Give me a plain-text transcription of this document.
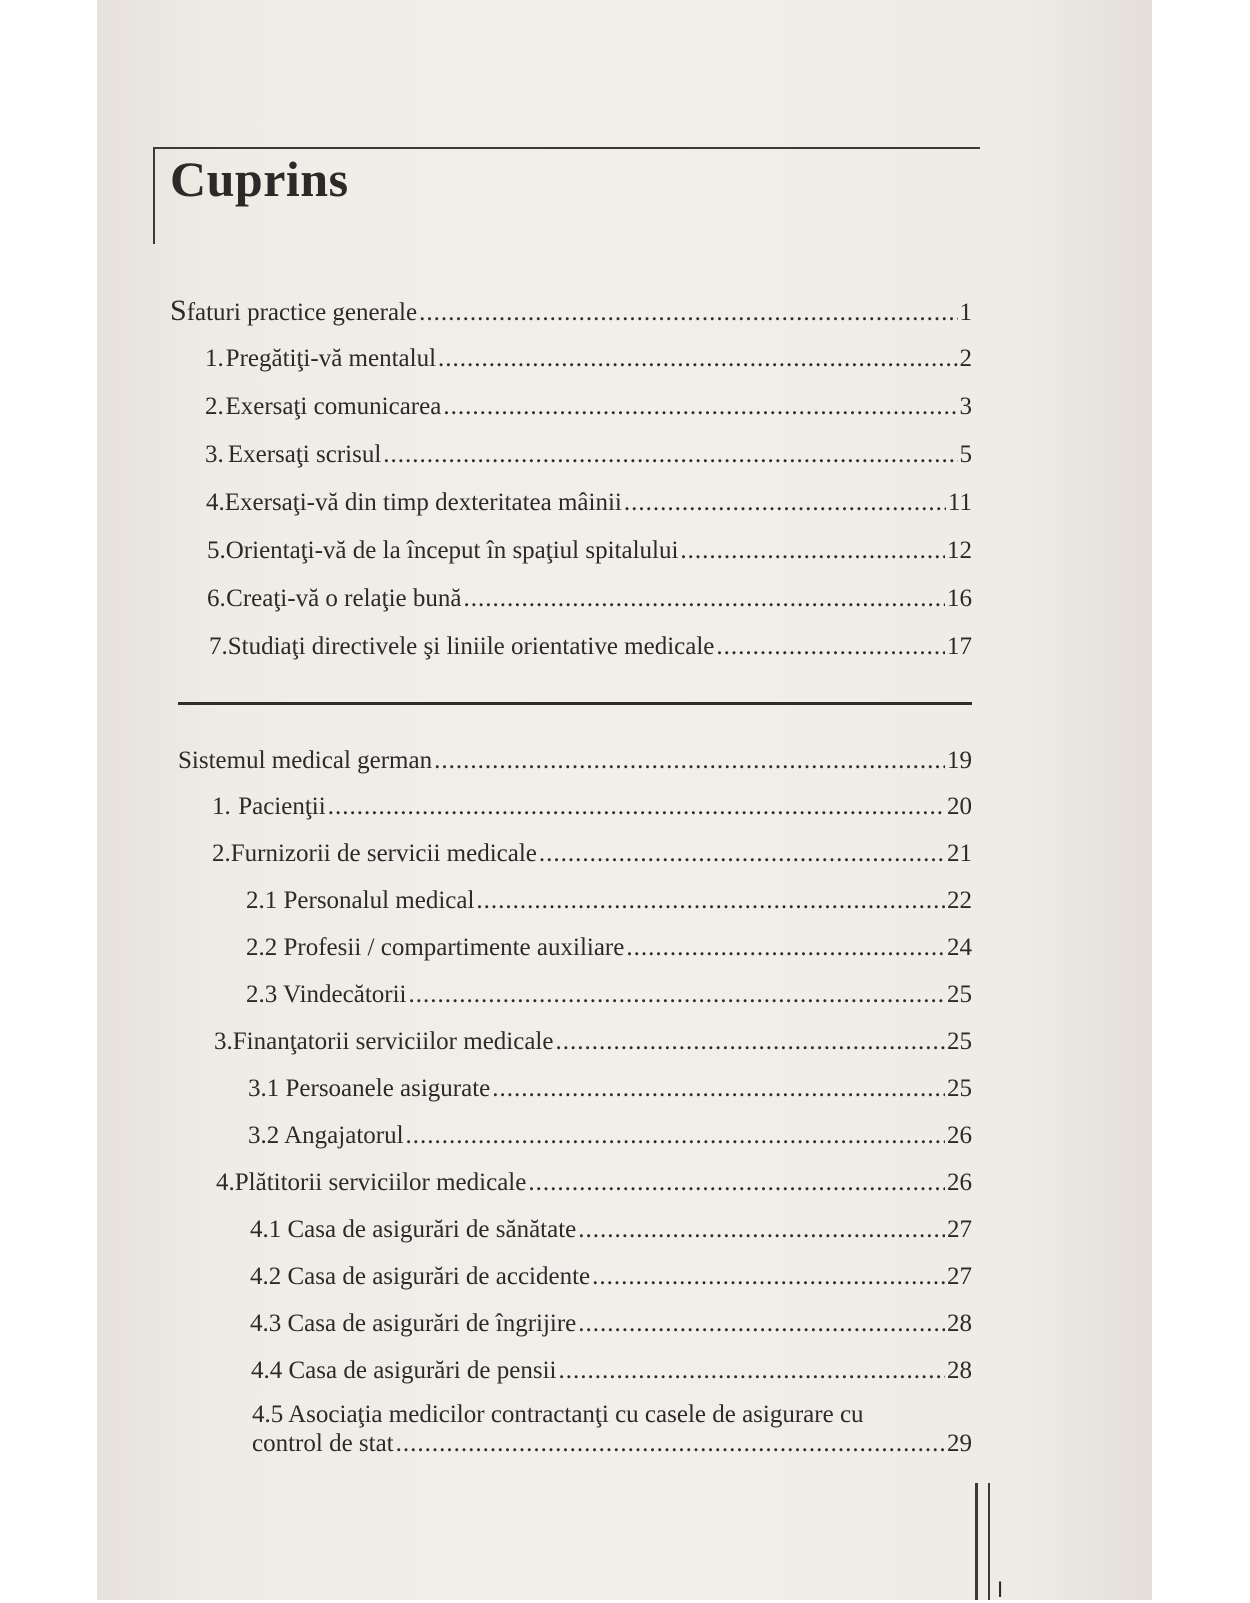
Cuprins
Sfaturi practice generale .....	1
1. Pregătiţi-vă mentalul .....	2
2. Exersaţi comunicarea .....	3
3. Exersaţi scrisul .....	5
4. Exersaţi-vă din timp dexteritatea mâinii .....	11
5. Orientaţi-vă de la început în spaţiul spitalului .....	12
6. Creaţi-vă o relaţie bună .....	16
7. Studiaţi directivele şi liniile orientative medicale .....	17
Sistemul medical german .....	19
1. Pacienţii .....	20
2. Furnizorii de servicii medicale .....	21
2.1 Personalul medical .....	22
2.2 Profesii / compartimente auxiliare .....	24
2.3 Vindecătorii .....	25
3. Finanţatorii serviciilor medicale .....	25
3.1 Persoanele asigurate .....	25
3.2 Angajatorul .....	26
4. Plătitorii serviciilor medicale .....	26
4.1 Casa de asigurări de sănătate .....	27
4.2 Casa de asigurări de accidente .....	27
4.3 Casa de asigurări de îngrijire .....	28
4.4 Casa de asigurări de pensii .....	28
4.5 Asociaţia medicilor contractanţi cu casele de asigurare cu
control de stat .....	29
I
